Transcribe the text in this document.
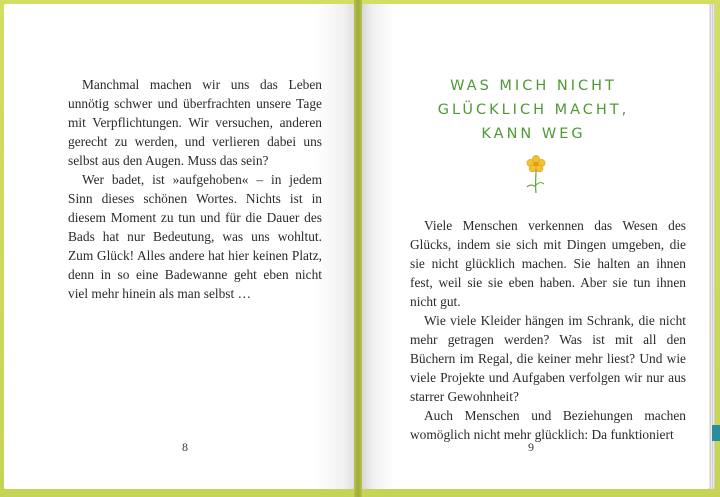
Manchmal machen wir uns das Leben unnötig schwer und überfrachten unsere Tage mit Verpflichtungen. Wir versuchen, anderen gerecht zu werden, und verlieren dabei uns selbst aus den Augen. Muss das sein?

Wer badet, ist »aufgehoben« – in jedem Sinn dieses schönen Wortes. Nichts ist in diesem Moment zu tun und für die Dauer des Bads hat nur Bedeutung, was uns wohltut. Zum Glück! Alles andere hat hier keinen Platz, denn in so eine Badewanne geht eben nicht viel mehr hinein als man selbst …

8
WAS MICH NICHT
GLÜCKLICH MACHT,
KANN WEG

Viele Menschen verkennen das Wesen des Glücks, indem sie sich mit Dingen umgeben, die sie nicht glücklich machen. Sie halten an ihnen fest, weil sie sie eben haben. Aber sie tun ihnen nicht gut.

Wie viele Kleider hängen im Schrank, die nicht mehr getragen werden? Was ist mit all den Büchern im Regal, die keiner mehr liest? Und wie viele Projekte und Aufgaben verfolgen wir nur aus starrer Gewohnheit?

Auch Menschen und Beziehungen machen womöglich nicht mehr glücklich: Da funktioniert

9
